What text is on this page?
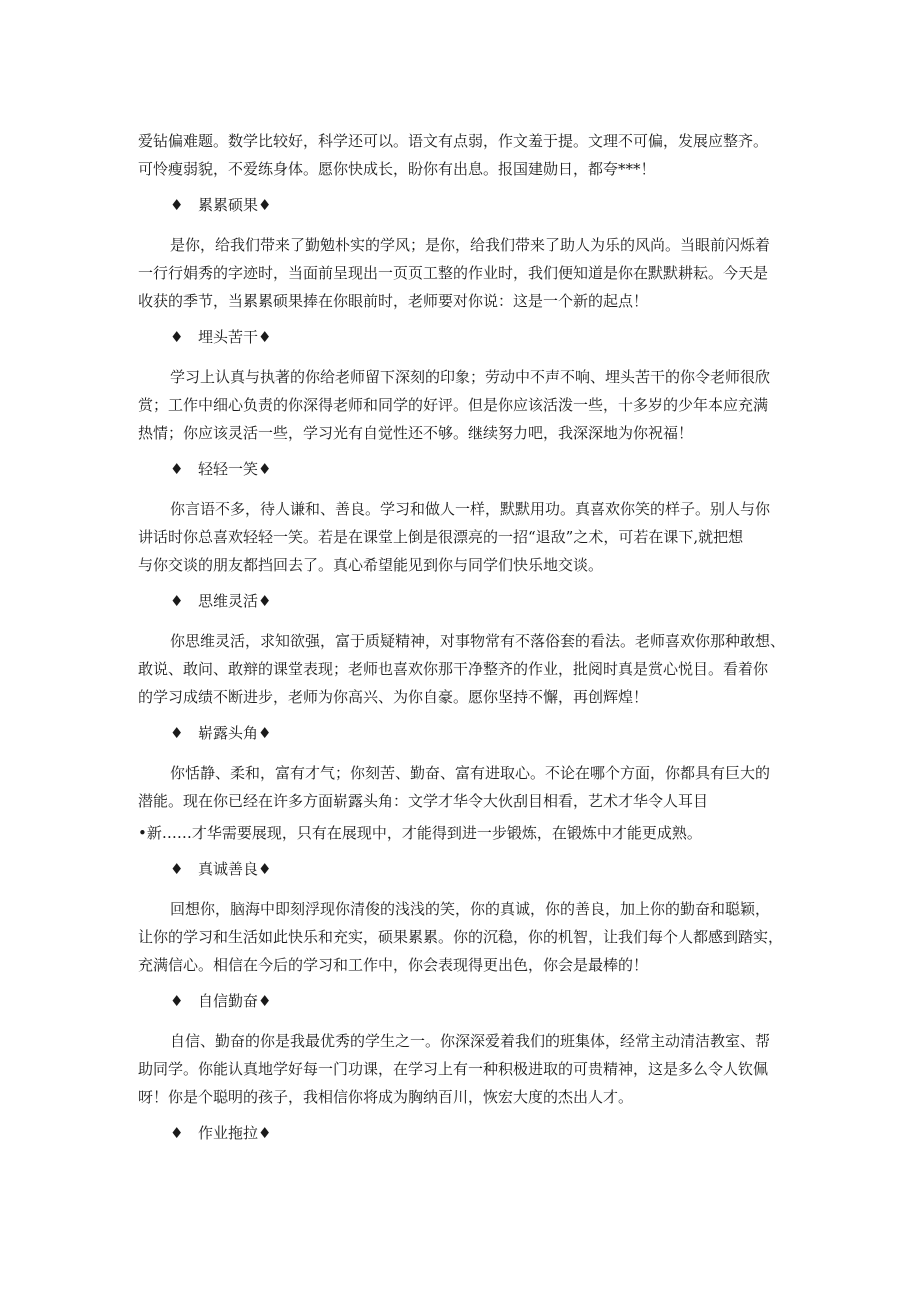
爱钻偏难题。数学比较好，科学还可以。语文有点弱，作文羞于提。文理不可偏，发展应整齐。
可怜瘦弱貌，不爱练身体。愿你快成长，盼你有出息。报国建勋日，都夸***！
♦ 累累硕果♦
是你，给我们带来了勤勉朴实的学风；是你，给我们带来了助人为乐的风尚。当眼前闪烁着
一行行娟秀的字迹时，当面前呈现出一页页工整的作业时，我们便知道是你在默默耕耘。今天是
收获的季节，当累累硕果捧在你眼前时，老师要对你说：这是一个新的起点！
♦ 埋头苦干♦
学习上认真与执著的你给老师留下深刻的印象；劳动中不声不响、埋头苦干的你令老师很欣
赏；工作中细心负责的你深得老师和同学的好评。但是你应该活泼一些，十多岁的少年本应充满
热情；你应该灵活一些，学习光有自觉性还不够。继续努力吧，我深深地为你祝福！
♦ 轻轻一笑♦
你言语不多，待人谦和、善良。学习和做人一样，默默用功。真喜欢你笑的样子。别人与你
讲话时你总喜欢轻轻一笑。若是在课堂上倒是很漂亮的一招“退敌”之术，可若在课下,就把想
与你交谈的朋友都挡回去了。真心希望能见到你与同学们快乐地交谈。
♦ 思维灵活♦
你思维灵活，求知欲强，富于质疑精神，对事物常有不落俗套的看法。老师喜欢你那种敢想、
敢说、敢问、敢辩的课堂表现；老师也喜欢你那干净整齐的作业，批阅时真是赏心悦目。看着你
的学习成绩不断进步，老师为你高兴、为你自豪。愿你坚持不懈，再创辉煌！
♦ 崭露头角♦
你恬静、柔和，富有才气；你刻苦、勤奋、富有进取心。不论在哪个方面，你都具有巨大的
潜能。现在你已经在许多方面崭露头角：文学才华令大伙刮目相看，艺术才华令人耳目
•新……才华需要展现，只有在展现中，才能得到进一步锻炼，在锻炼中才能更成熟。
♦ 真诚善良♦
回想你，脑海中即刻浮现你清俊的浅浅的笑，你的真诚，你的善良，加上你的勤奋和聪颖，
让你的学习和生活如此快乐和充实，硕果累累。你的沉稳，你的机智，让我们每个人都感到踏实，
充满信心。相信在今后的学习和工作中，你会表现得更出色，你会是最棒的！
♦ 自信勤奋♦
自信、勤奋的你是我最优秀的学生之一。你深深爱着我们的班集体，经常主动清洁教室、帮
助同学。你能认真地学好每一门功课，在学习上有一种积极进取的可贵精神，这是多么令人钦佩
呀！你是个聪明的孩子，我相信你将成为胸纳百川，恢宏大度的杰出人才。
♦ 作业拖拉♦
